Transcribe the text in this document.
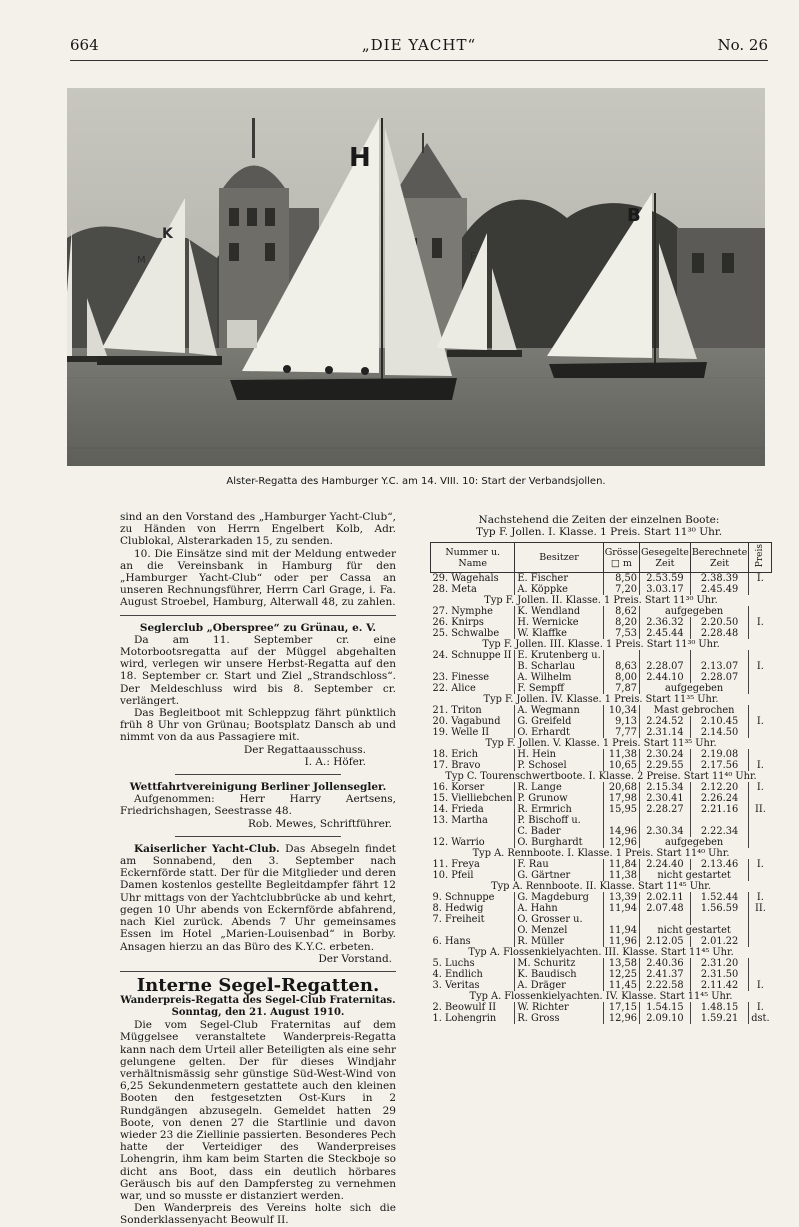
664	„DIE YACHT“	No. 26
K
M
H
F
B
Alster-Regatta des Hamburger Y.C. am 14. VIII. 10: Start der Verbandsjollen.

sind an den Vorstand des „Hamburger Yacht-Club“, zu Händen von Herrn Engelbert Kolb, Adr. Clublokal, Alsterarkaden 15, zu senden.

10. Die Einsätze sind mit der Meldung entweder an die Vereinsbank in Hamburg für den „Hamburger Yacht-Club“ oder per Cassa an unseren Rechnungsführer, Herrn Carl Grage, i. Fa. August Stroebel, Hamburg, Alterwall 48, zu zahlen.

Seglerclub „Oberspree“ zu Grünau, e. V.

Da am 11. September cr. eine Motorbootsregatta auf der Müggel abgehalten wird, verlegen wir unsere Herbst-Regatta auf den 18. September cr. Start und Ziel „Strandschloss“. Der Meldeschluss wird bis 8. September cr. verlängert.

Das Begleitboot mit Schleppzug fährt pünktlich früh 8 Uhr von Grünau; Bootsplatz Dansch ab und nimmt von da aus Passagiere mit.

Der Regattaausschuss.
I. A.: Höfer.
Wettfahrtvereinigung Berliner Jollensegler.

Aufgenommen: Herr Harry Aertsens, Friedrichshagen, Seestrasse 48.

Rob. Mewes, Schriftführer.

Kaiserlicher Yacht-Club. Das Absegeln findet am Sonnabend, den 3. September nach Eckernförde statt. Der für die Mitglieder und deren Damen kostenlos gestellte Begleitdampfer fährt 12 Uhr mittags von der Yachtclubbrücke ab und kehrt, gegen 10 Uhr abends von Eckernförde abfahrend, nach Kiel zurück. Abends 7 Uhr gemeinsames Essen im Hotel „Marien-Louisenbad“ in Borby. Ansagen hierzu an das Büro des K.Y.C. erbeten.

Der Vorstand.
Interne Segel-Regatten.
Wanderpreis-Regatta des Segel-Club Fraternitas.
Sonntag, den 21. August 1910.

Die vom Segel-Club Fraternitas auf dem Müggelsee veranstaltete Wanderpreis-Regatta kann nach dem Urteil aller Beteiligten als eine sehr gelungene gelten. Der für dieses Windjahr verhältnismässig sehr günstige Süd-West-Wind von 6,25 Sekundenmetern gestattete auch den kleinen Booten den festgesetzten Ost-Kurs in 2 Rundgängen abzusegeln. Gemeldet hatten 29 Boote, von denen 27 die Startlinie und davon wieder 23 die Ziellinie passierten. Besonderes Pech hatte der Verteidiger des Wanderpreises Lohengrin, ihm kam beim Starten die Steckboje so dicht ans Boot, dass ein deutlich hörbares Geräusch bis auf den Dampfersteg zu vernehmen war, und so musste er distanziert werden.

Den Wanderpreis des Vereins holte sich die Sonderklassenyacht Beowulf II.

Nachstehend die Zeiten der einzelnen Boote:
Typ F. Jollen. I. Klasse. 1 Preis. Start 11³⁰ Uhr.
Nummer u. Name	Besitzer	Grösse □ m	Gesegelte Zeit	Berechnete Zeit	Preis
29. Wagehals	E. Fischer	8,50	2.53.59	2.38.39	I.
28. Meta	A. Köppke	7,20	3.03.17	2.45.49	
Typ F. Jollen. II. Klasse. 1 Preis. Start 11³⁰ Uhr.					
27. Nymphe	K. Wendland	8,62	aufgegeben		
26. Knirps	H. Wernicke	8,20	2.36.32	2.20.50	I.
25. Schwalbe	W. Klaffke	7,53	2.45.44	2.28.48	
Typ F. Jollen. III. Klasse. 1 Preis. Start 11³⁰ Uhr.					
24. Schnuppe II	E. Krutenberg u.				
	B. Scharlau	8,63	2.28.07	2.13.07	I.
23. Finesse	A. Wilhelm	8,00	2.44.10	2.28.07	
22. Alice	F. Sempff	7,87	aufgegeben		
Typ F. Jollen. IV. Klasse. 1 Preis. Start 11³⁵ Uhr.					
21. Triton	A. Wegmann	10,34	Mast gebrochen		
20. Vagabund	G. Greifeld	9,13	2.24.52	2.10.45	I.
19. Welle II	O. Erhardt	7,77	2.31.14	2.14.50	
Typ F. Jollen. V. Klasse. 1 Preis. Start 11³⁵ Uhr.					
18. Erich	H. Hein	11,38	2.30.24	2.19.08	
17. Bravo	P. Schosel	10,65	2.29.55	2.17.56	I.
Typ C. Tourenschwertboote. I. Klasse. 2 Preise. Start 11⁴⁰ Uhr.					
16. Korser	R. Lange	20,68	2.15.34	2.12.20	I.
15. Vielliebchen	P. Grunow	17,98	2.30.41	2.26.24	
14. Frieda	R. Ermrich	15,95	2.28.27	2.21.16	II.
13. Martha	P. Bischoff u.				
	C. Bader	14,96	2.30.34	2.22.34	
12. Warrio	O. Burghardt	12,96	aufgegeben		
Typ A. Rennboote. I. Klasse. 1 Preis. Start 11⁴⁰ Uhr.					
11. Freya	F. Rau	11,84	2.24.40	2.13.46	I.
10. Pfeil	G. Gärtner	11,38	nicht gestartet		
Typ A. Rennboote. II. Klasse. Start 11⁴⁵ Uhr.					
9. Schnuppe	G. Magdeburg	13,39	2.02.11	1.52.44	I.
8. Hedwig	A. Hahn	11,94	2.07.48	1.56.59	II.
7. Freiheit	O. Grosser u.				
	O. Menzel	11,94	nicht gestartet		
6. Hans	R. Müller	11,96	2.12.05	2.01.22	
Typ A. Flossenkielyachten. III. Klasse. Start 11⁴⁵ Uhr.					
5. Luchs	M. Schuritz	13,58	2.40.36	2.31.20	
4. Endlich	K. Baudisch	12,25	2.41.37	2.31.50	
3. Veritas	A. Dräger	11,45	2.22.58	2.11.42	I.
Typ A. Flossenkielyachten. IV. Klasse. Start 11⁴⁵ Uhr.					
2. Beowulf II	W. Richter	17,15	1.54.15	1.48.15	I.
1. Lohengrin	R. Gross	12,96	2.09.10	1.59.21	dst.
